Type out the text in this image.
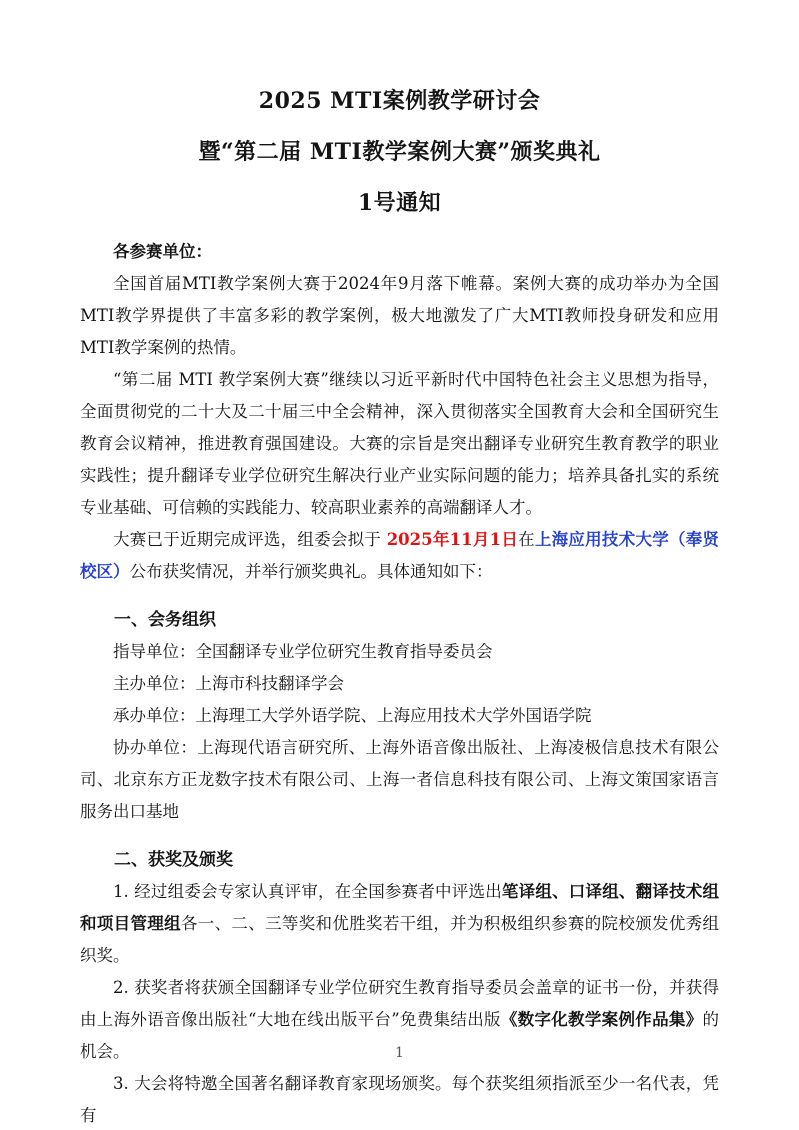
2025 MTI案例教学研讨会
暨“第二届 MTI教学案例大赛”颁奖典礼
1号通知

各参赛单位：

全国首届MTI教学案例大赛于2024年9月落下帷幕。案例大赛的成功举办为全国MTI教学界提供了丰富多彩的教学案例，极大地激发了广大MTI教师投身研发和应用MTI教学案例的热情。

“第二届 MTI 教学案例大赛”继续以习近平新时代中国特色社会主义思想为指导，全面贯彻党的二十大及二十届三中全会精神，深入贯彻落实全国教育大会和全国研究生教育会议精神，推进教育强国建设。大赛的宗旨是突出翻译专业研究生教育教学的职业实践性；提升翻译专业学位研究生解决行业产业实际问题的能力；培养具备扎实的系统专业基础、可信赖的实践能力、较高职业素养的高端翻译人才。

大赛已于近期完成评选，组委会拟于 2025年11月1日在上海应用技术大学（奉贤校区）公布获奖情况，并举行颁奖典礼。具体通知如下：

一、会务组织

指导单位：全国翻译专业学位研究生教育指导委员会

主办单位：上海市科技翻译学会

承办单位：上海理工大学外语学院、上海应用技术大学外国语学院

协办单位：上海现代语言研究所、上海外语音像出版社、上海凌极信息技术有限公司、北京东方正龙数字技术有限公司、上海一者信息科技有限公司、上海文策国家语言服务出口基地

二、获奖及颁奖

1. 经过组委会专家认真评审，在全国参赛者中评选出笔译组、口译组、翻译技术组和项目管理组各一、二、三等奖和优胜奖若干组，并为积极组织参赛的院校颁发优秀组织奖。

2. 获奖者将获颁全国翻译专业学位研究生教育指导委员会盖章的证书一份，并获得由上海外语音像出版社“大地在线出版平台”免费集结出版《数字化教学案例作品集》的机会。

3. 大会将特邀全国著名翻译教育家现场颁奖。每个获奖组须指派至少一名代表，凭有

1
